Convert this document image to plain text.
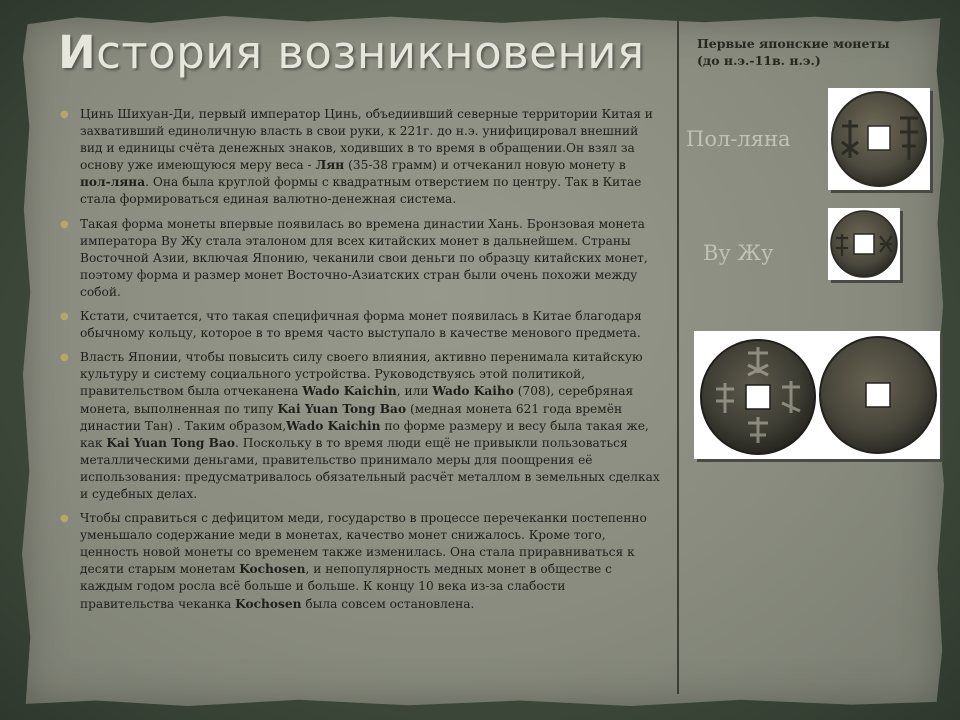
История возникновения

● Цинь Шихуан-Ди, первый император Цинь, объедиивший северные территории Китая и захвативший единоличную власть в свои руки, к 221г. до н.э. унифицировал внешний вид и единицы счёта денежных знаков, ходивших в то время в обращении.Он взял за основу уже имеющуюся меру веса - Лян (35-38 грамм) и отчеканил новую монету в пол-ляна. Она была круглой формы с квадратным отверстием по центру. Так в Китае стала формироваться единая валютно-денежная система.

● Такая форма монеты впервые появилась во времена династии Хань. Бронзовая монета императора Ву Жу стала эталоном для всех китайских монет в дальнейшем. Страны Восточной Азии, включая Японию, чеканили свои деньги по образцу китайских монет, поэтому форма и размер монет Восточно-Азиатских стран были очень похожи между собой.

● Кстати, считается, что такая специфичная форма монет появилась в Китае благодаря обычному кольцу, которое в то время часто выступало в качестве менового предмета.

● Власть Японии, чтобы повысить силу своего влияния, активно перенимала китайскую культуру и систему социального устройства. Руководствуясь этой политикой, правительством была отчеканена Wado Kaichin, или Wado Kaiho (708), серебряная монета, выполненная по типу Kai Yuan Tong Bao (медная монета 621 года времён династии Тан) . Таким образом,Wado Kaichin по форме размеру и весу была такая же, как Kai Yuan Tong Bao. Поскольку в то время люди ещё не привыкли пользоваться металлическими деньгами, правительство принимало меры для поощрения её использования: предусматривалось обязательный расчёт металлом в земельных сделках и судебных делах.

● Чтобы справиться с дефицитом меди, государство в процессе перечеканки постепенно уменьшало содержание меди в монетах, качество монет снижалось. Кроме того, ценность новой монеты со временем также изменилась. Она стала приравниваться к десяти старым монетам Kochosen, и непопулярность медных монет в обществе с каждым годом росла всё больше и больше. К концу 10 века из-за слабости правительства чеканка Kochosen была совсем остановлена.

Первые японские монеты
(до н.э.-11в. н.э.)
Пол-ляна
Ву Жу
